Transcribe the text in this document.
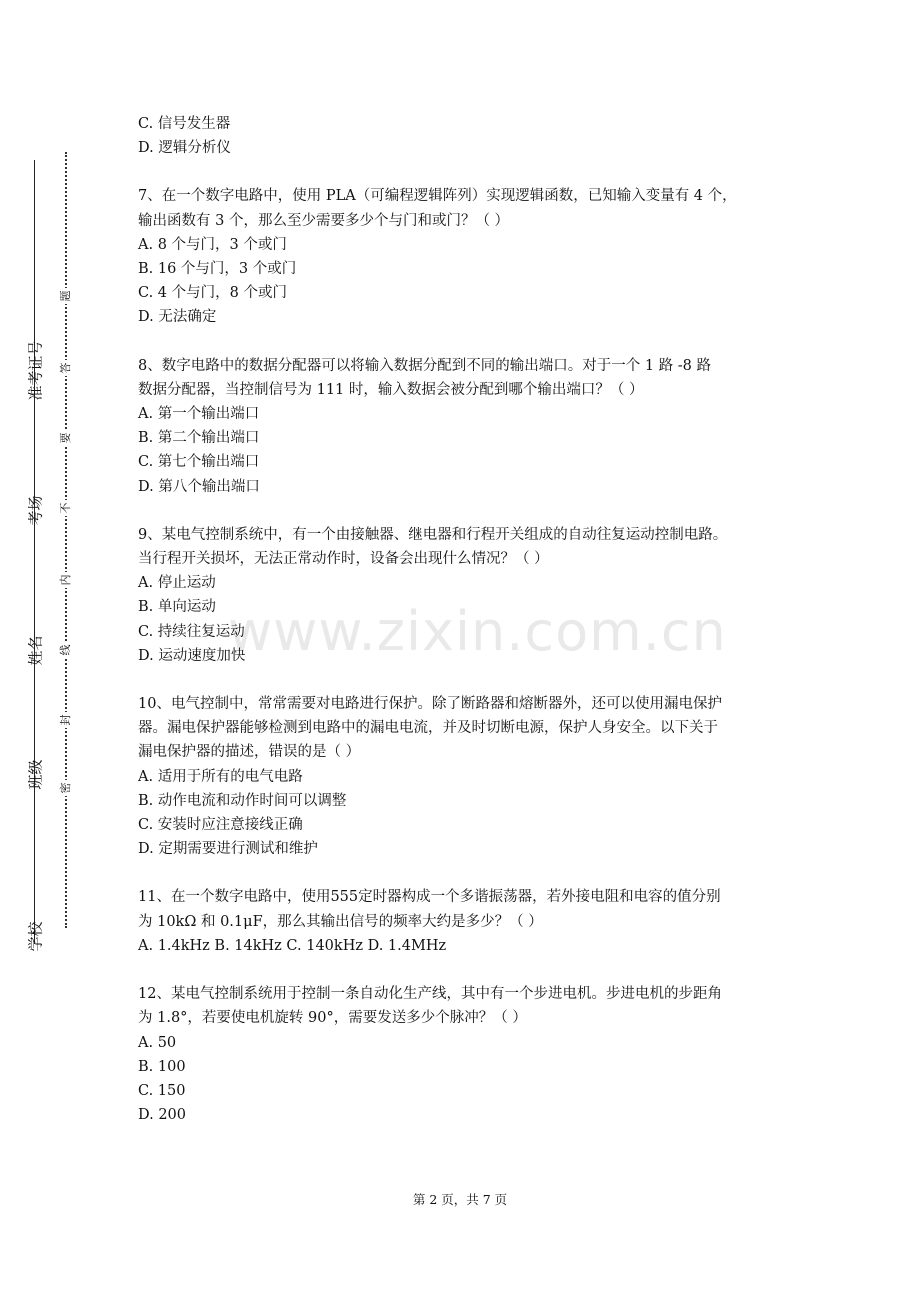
准考证号
考场
姓名
班级
学校
题
答
要
不
内
线
封
密
www.zixin.com.cn
C. 信号发生器
D. 逻辑分析仪
7、在一个数字电路中，使用 PLA（可编程逻辑阵列）实现逻辑函数，已知输入变量有 4 个，
输出函数有 3 个，那么至少需要多少个与门和或门？（ ）
A. 8 个与门，3 个或门
B. 16 个与门，3 个或门
C. 4 个与门，8 个或门
D. 无法确定
8、数字电路中的数据分配器可以将输入数据分配到不同的输出端口。对于一个 1 路 -8 路
数据分配器，当控制信号为 111 时，输入数据会被分配到哪个输出端口？（ ）
A. 第一个输出端口
B. 第二个输出端口
C. 第七个输出端口
D. 第八个输出端口
9、某电气控制系统中，有一个由接触器、继电器和行程开关组成的自动往复运动控制电路。
当行程开关损坏，无法正常动作时，设备会出现什么情况？（ ）
A. 停止运动
B. 单向运动
C. 持续往复运动
D. 运动速度加快
10、电气控制中，常常需要对电路进行保护。除了断路器和熔断器外，还可以使用漏电保护
器。漏电保护器能够检测到电路中的漏电电流，并及时切断电源，保护人身安全。以下关于
漏电保护器的描述，错误的是（ ）
A. 适用于所有的电气电路
B. 动作电流和动作时间可以调整
C. 安装时应注意接线正确
D. 定期需要进行测试和维护
11、在一个数字电路中，使用555定时器构成一个多谐振荡器，若外接电阻和电容的值分别
为 10kΩ 和 0.1μF，那么其输出信号的频率大约是多少？（ ）
A. 1.4kHz B. 14kHz C. 140kHz D. 1.4MHz
12、某电气控制系统用于控制一条自动化生产线，其中有一个步进电机。步进电机的步距角
为 1.8°，若要使电机旋转 90°，需要发送多少个脉冲？（ ）
A. 50
B. 100
C. 150
D. 200
第 2 页，共 7 页
